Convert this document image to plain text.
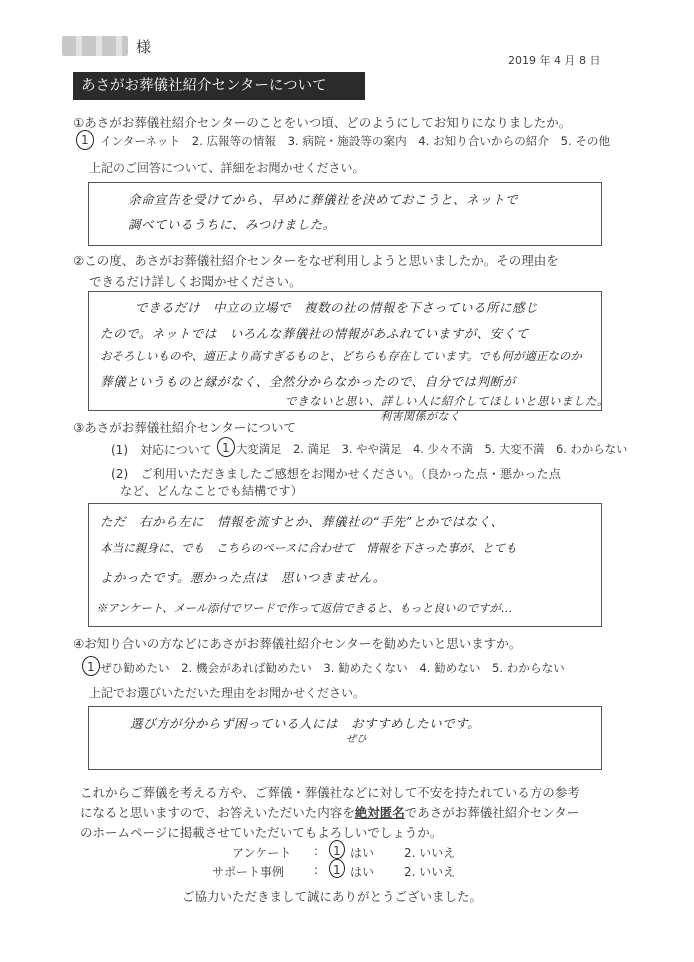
様
2019 年 4 月 8 日
あさがお葬儀社紹介センターについて
①あさがお葬儀社紹介センターのことをいつ頃、どのようにしてお知りになりましたか。
1 インターネット　2. 広報等の情報　3. 病院・施設等の案内　4. お知り合いからの紹介　5. その他
上記のご回答について、詳細をお聞かせください。
余命宣告を受けてから、早めに葬儀社を決めておこうと、ネットで
調べているうちに、みつけました。
②この度、あさがお葬儀社紹介センターをなぜ利用しようと思いましたか。その理由を
できるだけ詳しくお聞かせください。
できるだけ　中立の立場で　複数の社の情報を下さっている所に感じ
たので。ネットでは　いろんな葬儀社の情報があふれていますが、安くて
おそろしいものや、適正より高すぎるものと、どちらも存在しています。でも何が適正なのか
葬儀というものと縁がなく、全然分からなかったので、自分では判断が
できないと思い、詳しい人に紹介してほしいと思いました。
利害関係がなく
③あさがお葬儀社紹介センターについて
(1)　対応について 1 大変満足　2. 満足　3. やや満足　4. 少々不満　5. 大変不満　6. わからない
(2)　ご利用いただきましたご感想をお聞かせください。（良かった点・悪かった点
など、どんなことでも結構です）
ただ　右から左に　情報を流すとか、葬儀社の“手先”とかではなく、
本当に親身に、でも　こちらのペースに合わせて　情報を下さった事が、とても
よかったです。悪かった点は　思いつきません。
※アンケート、メール添付でワードで作って返信できると、もっと良いのですが…
④お知り合いの方などにあさがお葬儀社紹介センターを勧めたいと思いますか。
1 ぜひ勧めたい　2. 機会があれば勧めたい　3. 勧めたくない　4. 勧めない　5. わからない
上記でお選びいただいた理由をお聞かせください。
選び方が分からず困っている人には　おすすめしたいです。
ぜひ
これからご葬儀を考える方や、ご葬儀・葬儀社などに対して不安を持たれている方の参考
になると思いますので、お答えいただいた内容を絶対匿名であさがお葬儀社紹介センター
のホームページに掲載させていただいてもよろしいでしょうか。
アンケート : 1 はい 2. いいえ
サポート事例 : 1 はい 2. いいえ
ご協力いただきまして誠にありがとうございました。
